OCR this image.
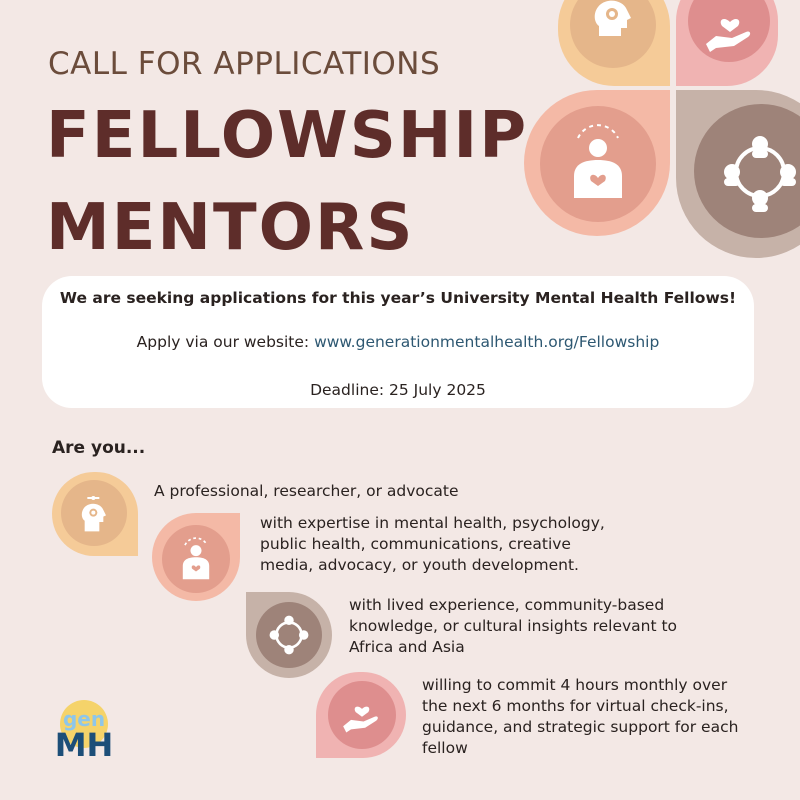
CALL FOR APPLICATIONS
FELLOWSHIP
MENTORS
We are seeking applications for this year’s University Mental Health Fellows!
Apply via our website: www.generationmentalhealth.org/Fellowship
Deadline: 25 July 2025
Are you...
A professional, researcher, or advocate
with expertise in mental health, psychology, public health, communications, creative media, advocacy, or youth development.
with lived experience, community-based knowledge, or cultural insights relevant to Africa and Asia
willing to commit 4 hours monthly over the next 6 months for virtual check-ins, guidance, and strategic support for each fellow
gen
MH
